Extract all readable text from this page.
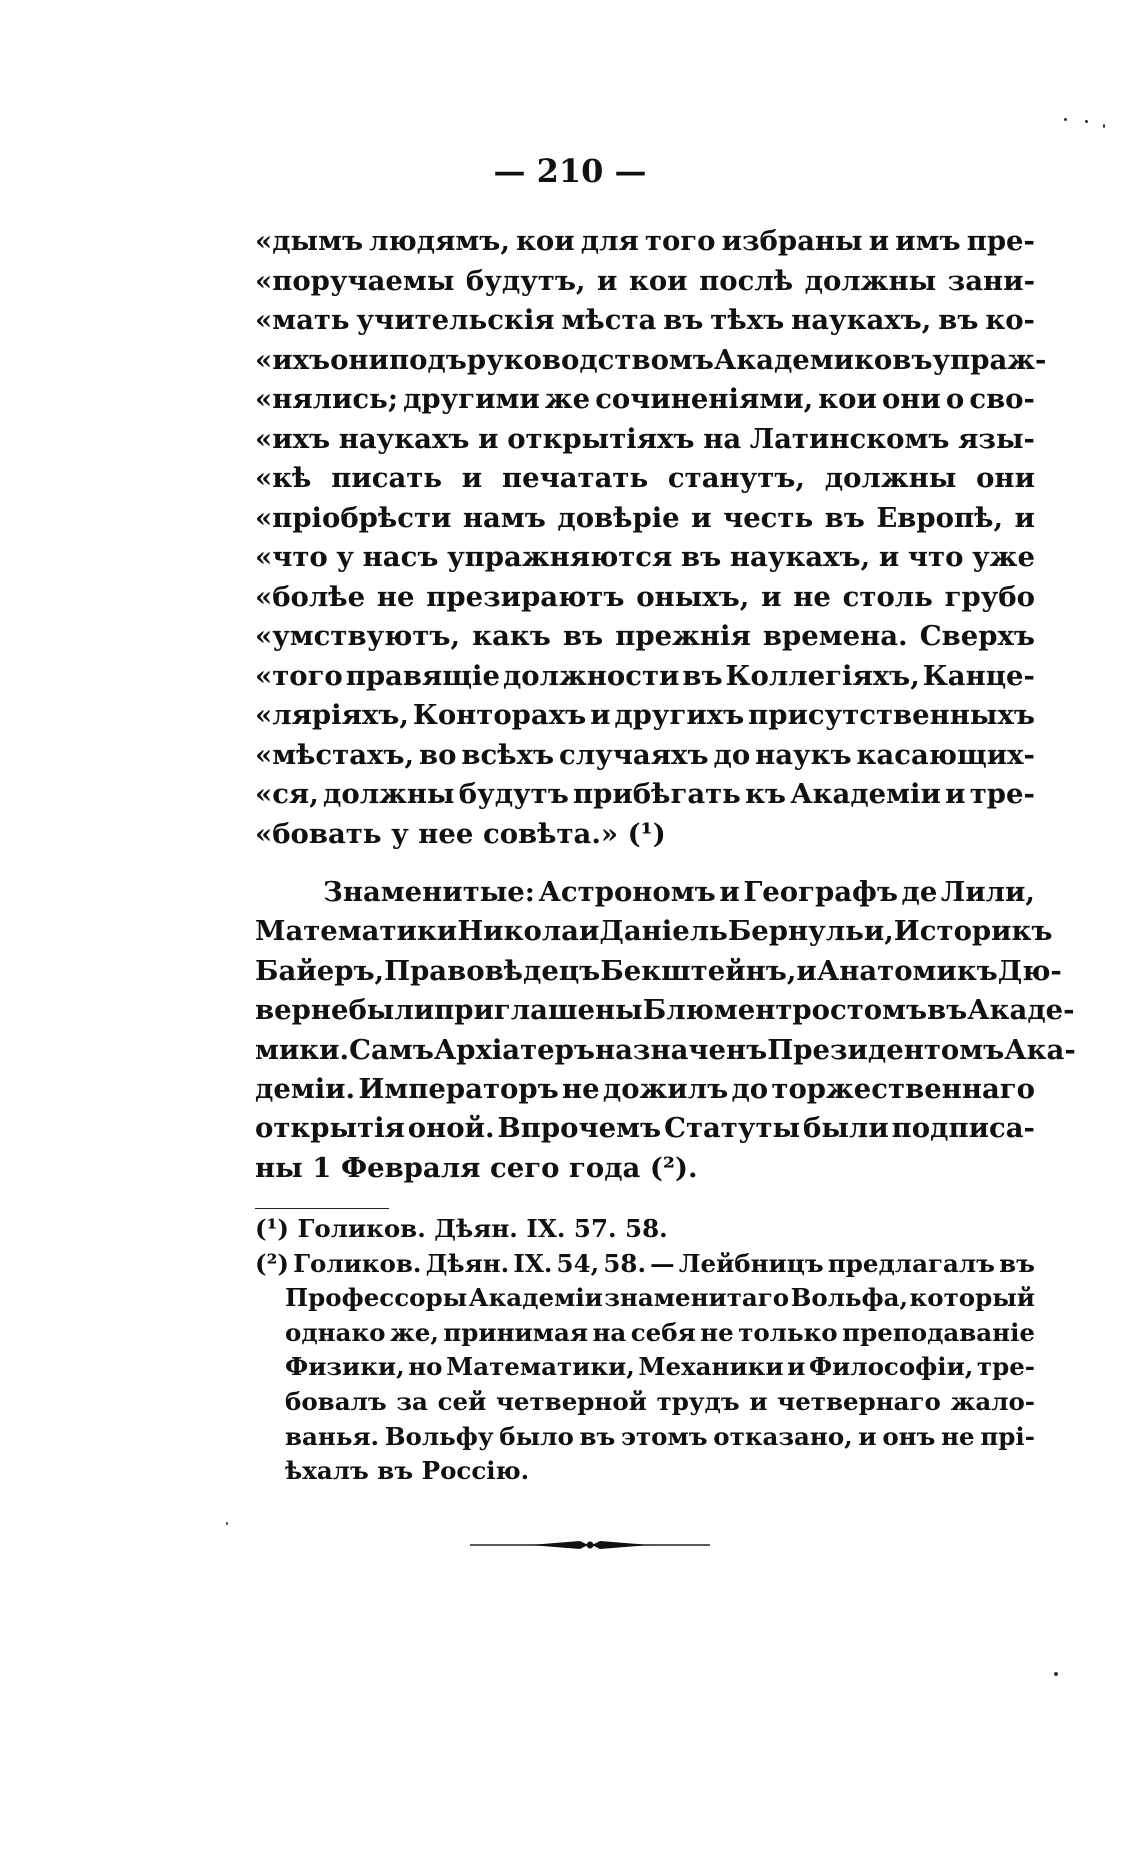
— 210 —
«дымъ людямъ, кои для того избраны и имъ пре-
«поручаемы будутъ, и кои послѣ должны зани-
«мать учительскія мѣста въ тѣхъ наукахъ, въ ко-
«ихъ они подъ руководствомъ Академиковъ упраж-
«нялись; другими же сочиненіями, кои они о сво-
«ихъ наукахъ и открытіяхъ на Латинскомъ язы-
«кѣ писать и печатать станутъ, должны они
«пріобрѣсти намъ довѣріе и честь въ Европѣ, и
«что у насъ упражняются въ наукахъ, и что уже
«болѣе не презираютъ оныхъ, и не столь грубо
«умствуютъ, какъ въ прежнія времена. Сверхъ
«того правящіе должности въ Коллегіяхъ, Канце-
«ляріяхъ, Конторахъ и другихъ присутственныхъ
«мѣстахъ, во всѣхъ случаяхъ до наукъ касающих-
«ся, должны будутъ прибѣгать къ Академіи и тре-
«бовать у нее совѣта.» (¹)
Знаменитые: Астрономъ и Географъ де Лили,
Математики Никола и Даніель Бернульи, Историкъ
Байеръ, Правовѣдецъ Бекштейнъ, и Анатомикъ Дю-
верне были приглашены Блюментростомъ въ Акаде-
мики. Самъ Архіатеръ назначенъ Президентомъ Ака-
деміи. Императоръ не дожилъ до торжественнаго
открытія оной. Впрочемъ Статуты были подписа-
ны 1 Февраля сего года (²).
(¹) Голиков. Дѣян. IX. 57. 58.
(²) Голиков. Дѣян. IX. 54, 58. — Лейбницъ предлагалъ въ
Профессоры Академіи знаменитаго Вольфа, который
однако же, принимая на себя не только преподаваніе
Физики, но Математики, Механики и Философіи, тре-
бовалъ за сей четверной трудъ и четвернаго жало-
ванья. Вольфу было въ этомъ отказано, и онъ не прі-
ѣхалъ въ Россію.
